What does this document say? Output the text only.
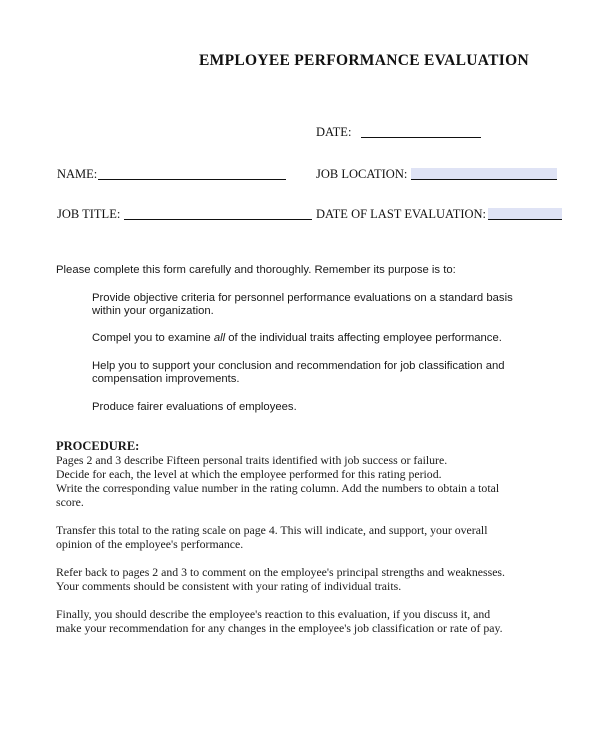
EMPLOYEE PERFORMANCE EVALUATION
DATE:
NAME:	JOB LOCATION:
JOB TITLE:	DATE OF LAST EVALUATION:
Please complete this form carefully and thoroughly. Remember its purpose is to:
Provide objective criteria for personnel performance evaluations on a standard basis
within your organization.
Compel you to examine all of the individual traits affecting employee performance.
Help you to support your conclusion and recommendation for job classification and
compensation improvements.
Produce fairer evaluations of employees.
PROCEDURE:
Pages 2 and 3 describe Fifteen personal traits identified with job success or failure.
Decide for each, the level at which the employee performed for this rating period.
Write the corresponding value number in the rating column. Add the numbers to obtain a total
score.
Transfer this total to the rating scale on page 4. This will indicate, and support, your overall
opinion of the employee's performance.
Refer back to pages 2 and 3 to comment on the employee's principal strengths and weaknesses.
Your comments should be consistent with your rating of individual traits.
Finally, you should describe the employee's reaction to this evaluation, if you discuss it, and
make your recommendation for any changes in the employee's job classification or rate of pay.
